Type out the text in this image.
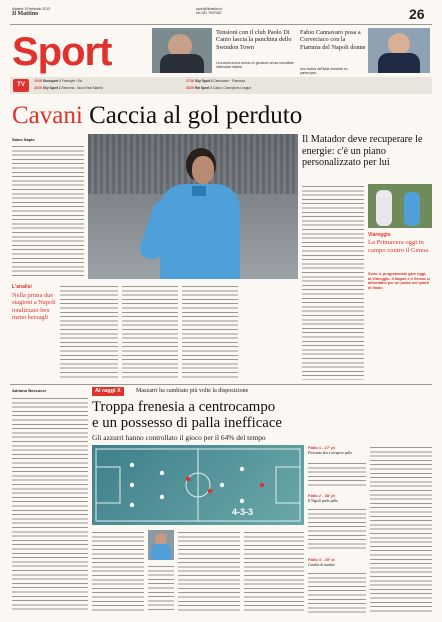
Martedì 19 febbraio 2013
Il Mattino
sport@ilmattino.it
fax 081 7947000	26
Sport	Tensioni con il club Paolo Di Canio lascia la panchina dello Swindon Town
La società aveva ceduto un giocatore senza consultare l'allenatore italiano
Fabio Cannavaro posa a Corveciaco con la Fiamma del Napoli donne
Una replica dell'Italia mondiale ex-partenopeo...
TV
15:00 Eurosport 2 Freestyle / Sci
16:00 Sky Sport 1 Ravenna - Nuvo Real Madrid
17:30 Sky Sport 2 Cannavaro · Piacenza
18:00 Rai Sport 2 Calcio: Champions League
Cavani Caccia al gol perduto
Salvo Sapio
L'analisi
Nella prima due stagioni a Napoli totalizzato ben meno bersagli
Il Matador deve recuperare le energie: c'è un piano personalizzato per lui
Viareggio
La Primavera oggi in campo contro il Genoa
Sono le programmate gare oggi, al Viareggio. Il Napoli e il Genoa si affrontano per un posto nei quarti di finale.
Adriano Beccucci	Ai raggi X	Mazzarri ha cambiato più volte la disposizione
Troppa frenesia a centrocampo
e un possesso di palla inefficace
Gli azzurri hanno controllato il gioco per il 64% del tempo
4-3-3
Fatto 1 - 27' pt
Pressione alta e recupero palla
Fatto 2 - 38' pt
Il Napoli perde palla
Fatto 3 - 25' st
Cambio di modulo
